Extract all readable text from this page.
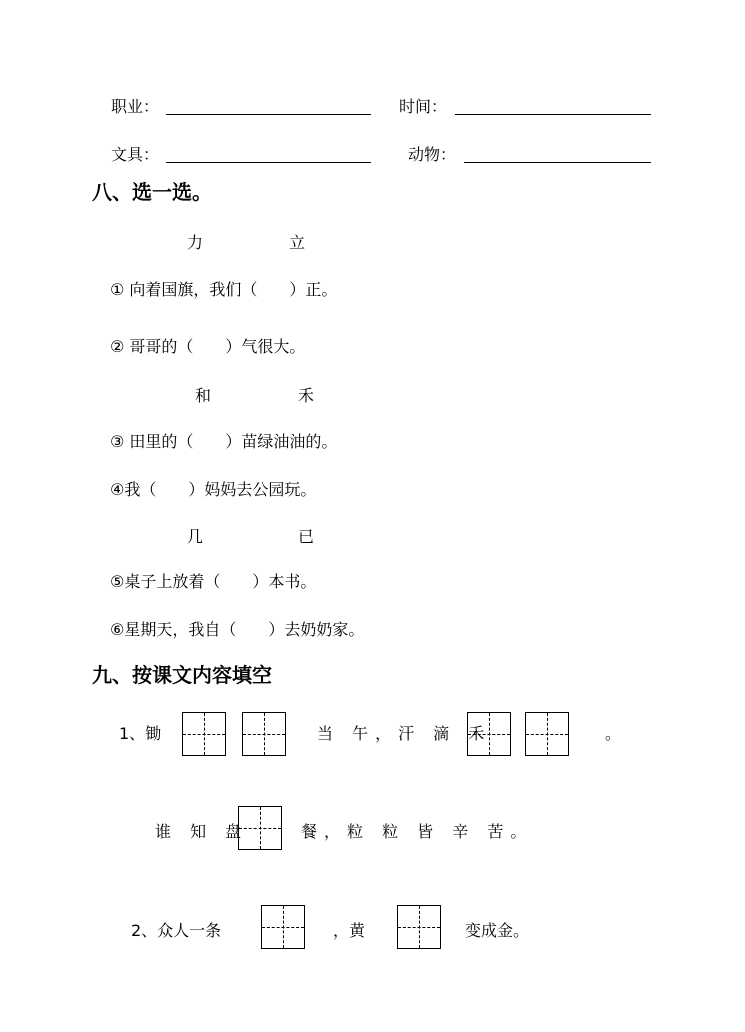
职业：	时间：
文具：	动物：
八、选一选。
力	立
① 向着国旗，我们（　　）正。
② 哥哥的（　　）气很大。
和	禾
③ 田里的（　　）苗绿油油的。
④我（　　）妈妈去公园玩。
几	已
⑤桌子上放着（　　）本书。
⑥星期天，我自（　　）去奶奶家。
九、按课文内容填空
1、锄	当 午，汗 滴 禾	。
谁 知 盘	餐，粒 粒 皆 辛 苦。
2、众人一条	，黄	变成金。
